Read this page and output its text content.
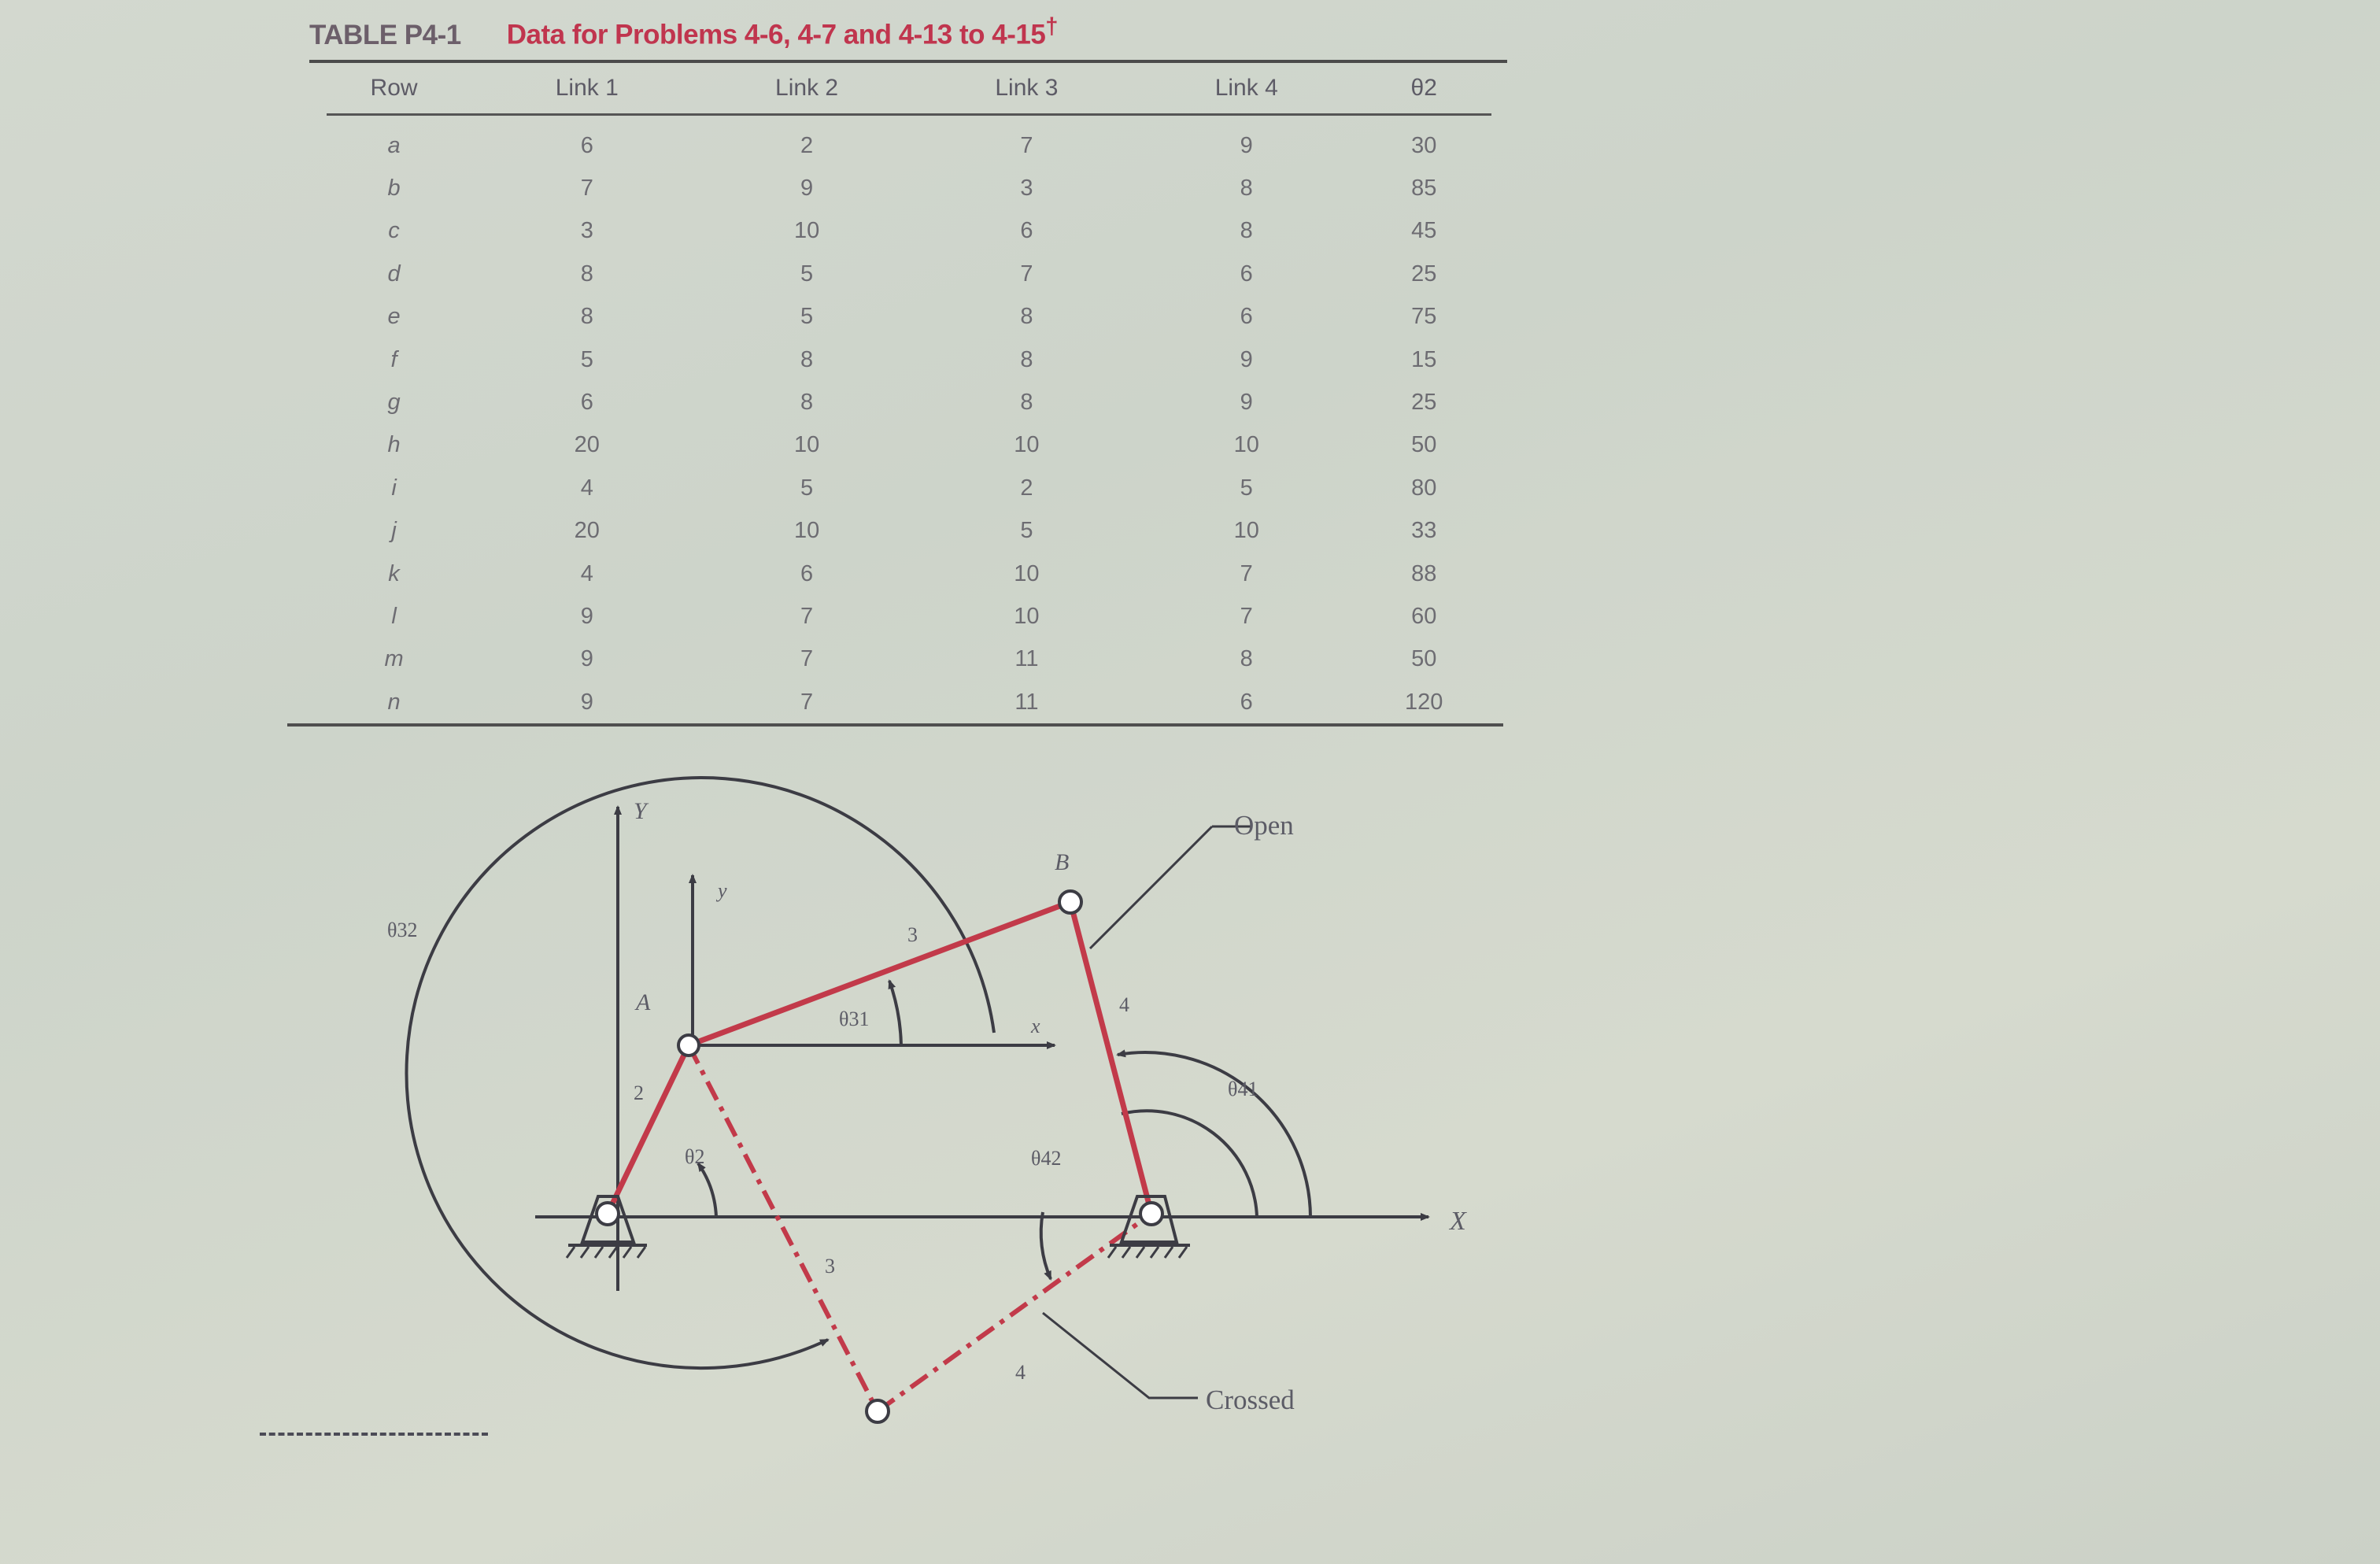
TABLE P4-1 Data for Problems 4-6, 4-7 and 4-13 to 4-15†
Row	Link 1	Link 2	Link 3	Link 4	θ2

a	6	2	7	9	30
b	7	9	3	8	85
c	3	10	6	8	45
d	8	5	7	6	25
e	8	5	8	6	75
f	5	8	8	9	15
g	6	8	8	9	25
h	20	10	10	10	50
i	4	5	2	5	80
j	20	10	5	10	33
k	4	6	10	7	88
l	9	7	10	7	60
m	9	7	11	8	50
n	9	7	11	6	120
Open
Crossed
A
B
X
Y
x
y
2
3
3
4
4
θ2
θ31
θ32
θ41
θ42
